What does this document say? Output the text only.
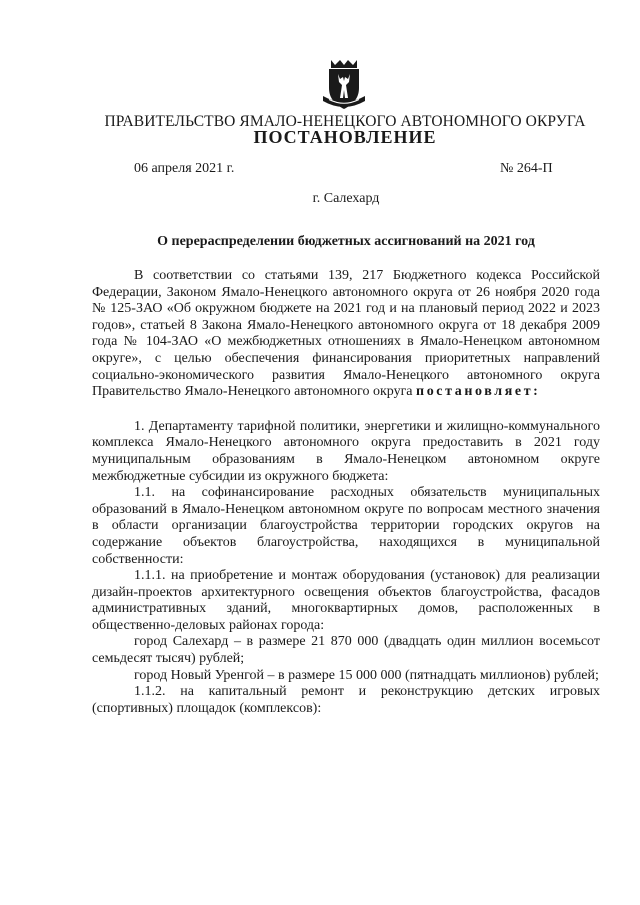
ПРАВИТЕЛЬСТВО ЯМАЛО-НЕНЕЦКОГО АВТОНОМНОГО ОКРУГА
ПОСТАНОВЛЕНИЕ
06 апреля 2021 г.	№ 264-П
г. Салехард
О перераспределении бюджетных ассигнований на 2021 год

В соответствии со статьями 139, 217 Бюджетного кодекса Российской Федерации, Законом Ямало-Ненецкого автономного округа от 26 ноября 2020 года № 125-ЗАО «Об окружном бюджете на 2021 год и на плановый период 2022 и 2023 годов», статьей 8 Закона Ямало-Ненецкого автономного округа от 18 декабря 2009 года № 104-ЗАО «О межбюджетных отношениях в Ямало-Ненецком автономном округе», с целью обеспечения финансирования приоритетных направлений социально-экономического развития Ямало-Ненецкого автономного округа Правительство Ямало-Ненецкого автономного округа постановляет:

1. Департаменту тарифной политики, энергетики и жилищно-коммунального комплекса Ямало-Ненецкого автономного округа предоставить в 2021 году муниципальным образованиям в Ямало-Ненецком автономном округе межбюджетные субсидии из окружного бюджета:

1.1. на софинансирование расходных обязательств муниципальных образований в Ямало-Ненецком автономном округе по вопросам местного значения в области организации благоустройства территории городских округов на содержание объектов благоустройства, находящихся в муниципальной собственности:

1.1.1. на приобретение и монтаж оборудования (установок) для реализации дизайн-проектов архитектурного освещения объектов благоустройства, фасадов административных зданий, многоквартирных домов, расположенных в общественно-деловых районах города:

город Салехард – в размере 21 870 000 (двадцать один миллион восемьсот семьдесят тысяч) рублей;

город Новый Уренгой – в размере 15 000 000 (пятнадцать миллионов) рублей;

1.1.2. на капитальный ремонт и реконструкцию детских игровых (спортивных) площадок (комплексов):
